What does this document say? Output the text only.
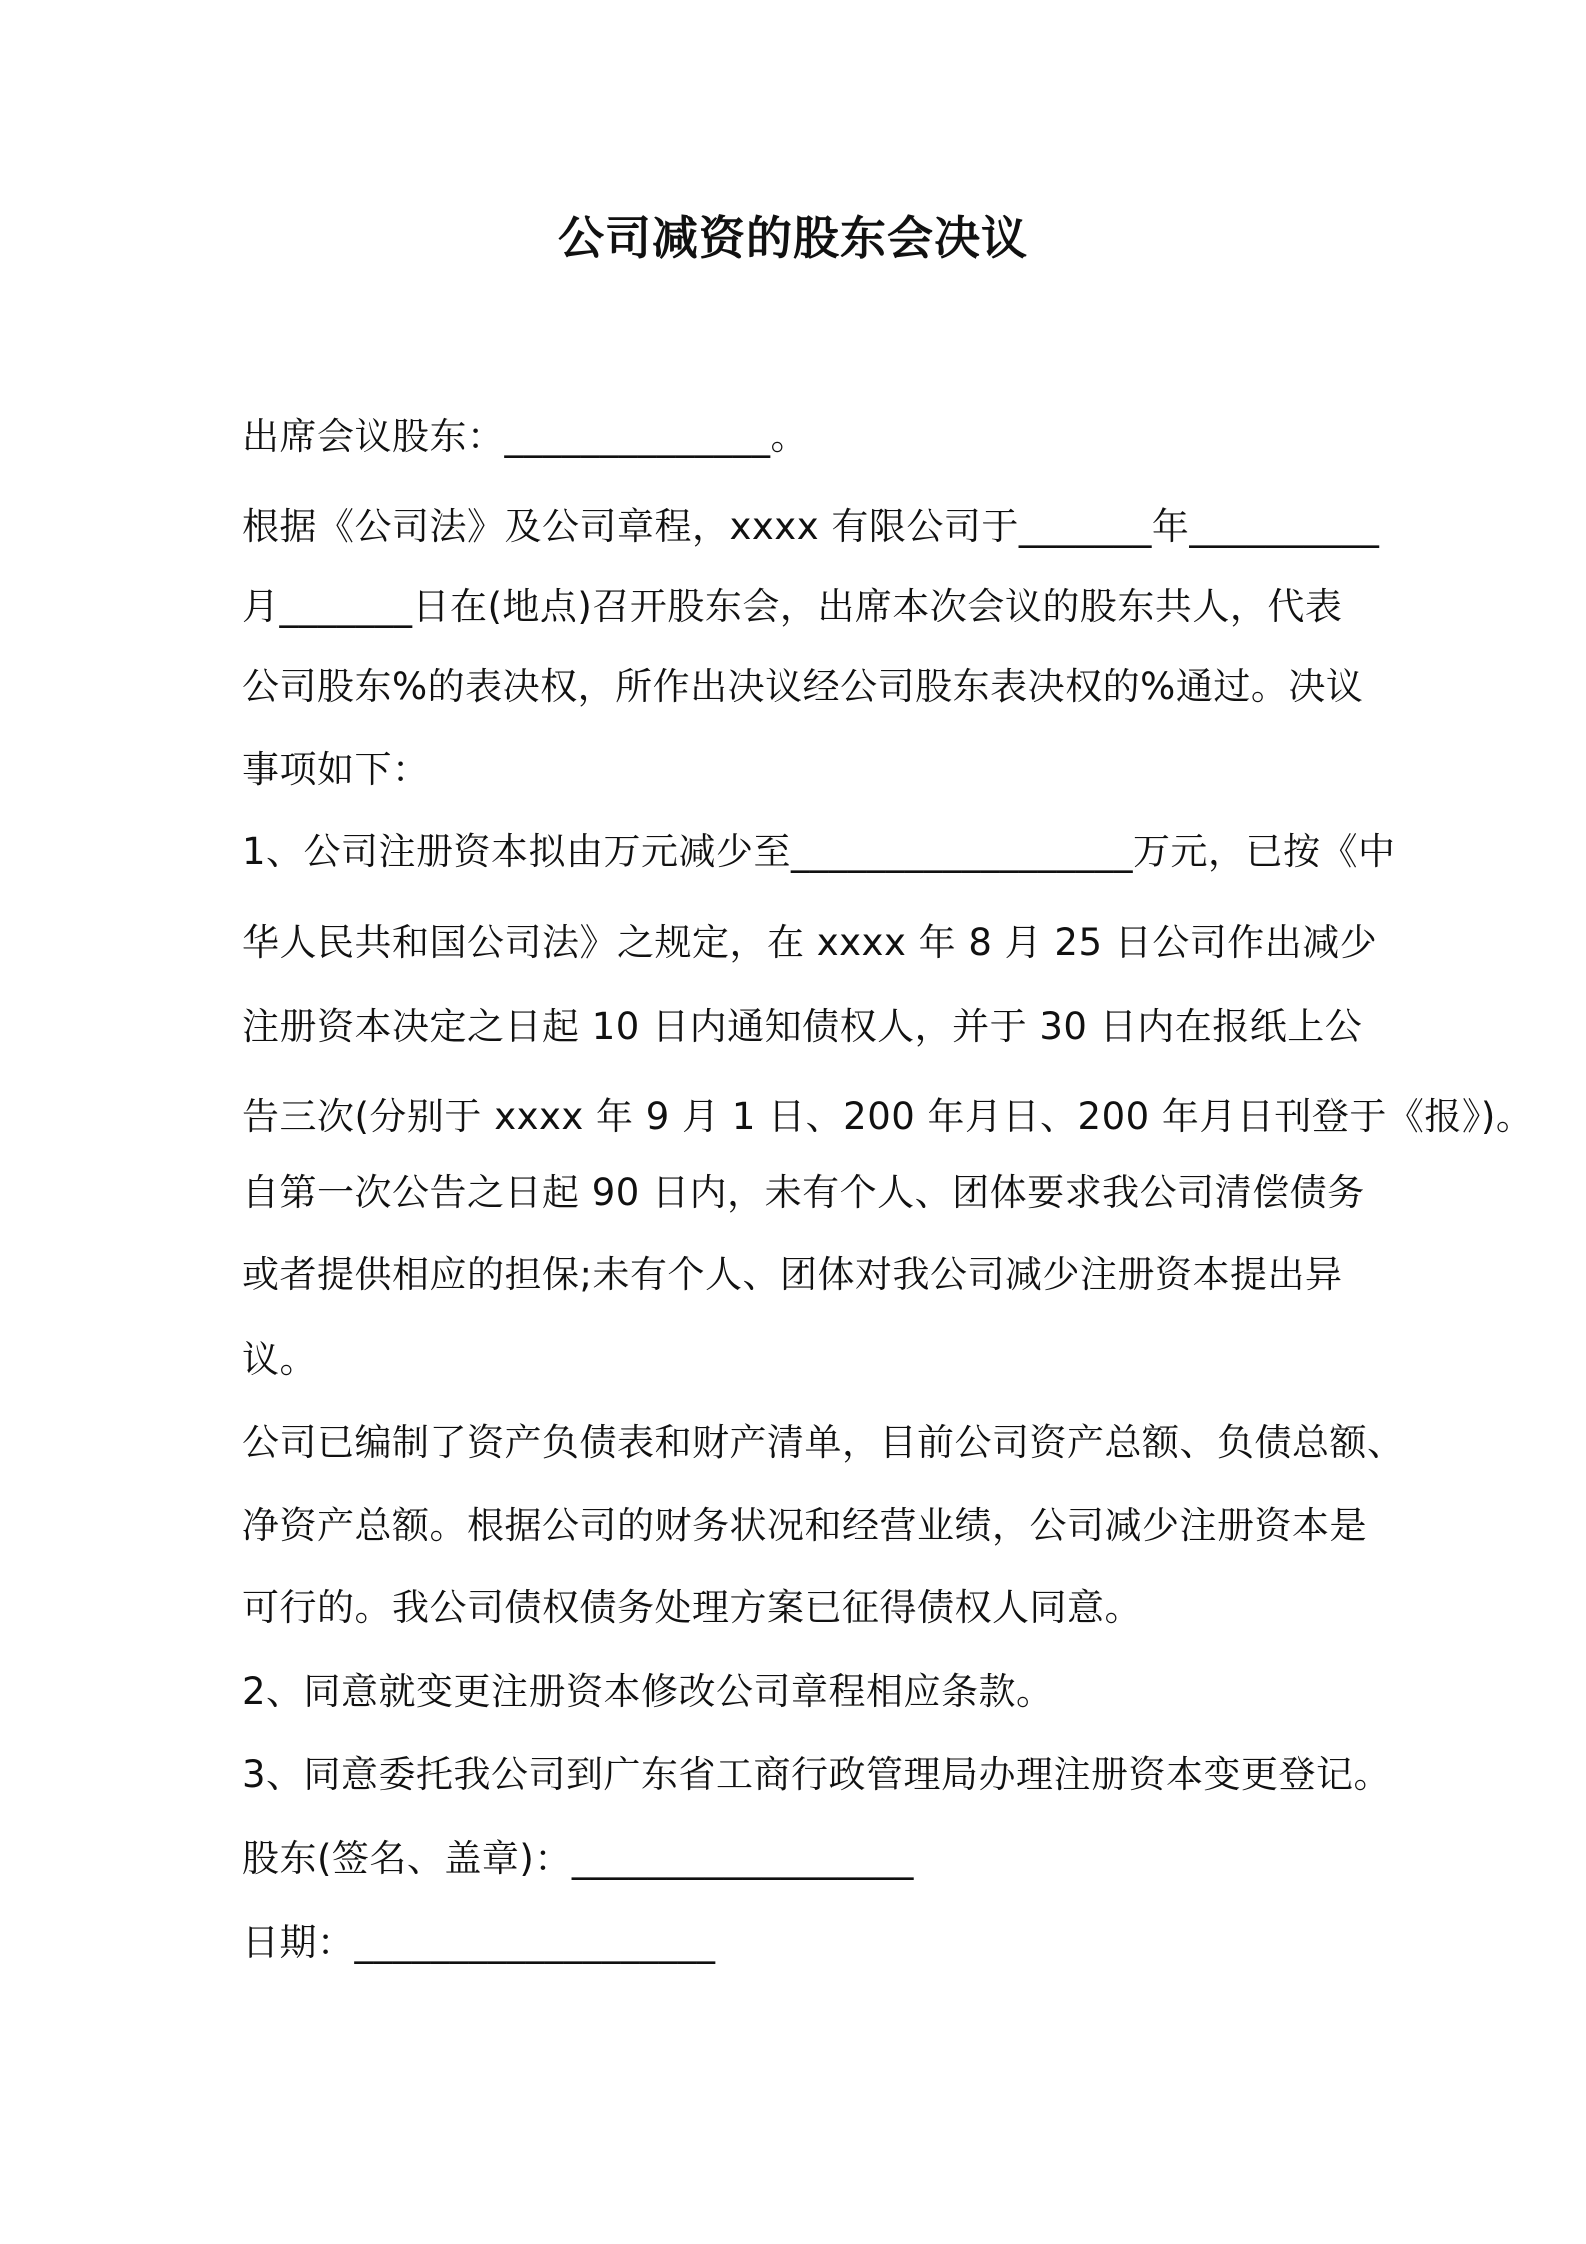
公司减资的股东会决议
出席会议股东：______________。
根据《公司法》及公司章程，xxxx 有限公司于_______年__________
月_______日在(地点)召开股东会，出席本次会议的股东共人，代表
公司股东%的表决权，所作出决议经公司股东表决权的%通过。决议
事项如下：
1、公司注册资本拟由万元减少至__________________万元，已按《中
华人民共和国公司法》之规定，在 xxxx 年 8 月 25 日公司作出减少
注册资本决定之日起 10 日内通知债权人，并于 30 日内在报纸上公
告三次(分别于 xxxx 年 9 月 1 日、200 年月日、200 年月日刊登于《报》)。
自第一次公告之日起 90 日内，未有个人、团体要求我公司清偿债务
或者提供相应的担保;未有个人、团体对我公司减少注册资本提出异
议。
公司已编制了资产负债表和财产清单，目前公司资产总额、负债总额、
净资产总额。根据公司的财务状况和经营业绩，公司减少注册资本是
可行的。我公司债权债务处理方案已征得债权人同意。
2、同意就变更注册资本修改公司章程相应条款。
3、同意委托我公司到广东省工商行政管理局办理注册资本变更登记。
股东(签名、盖章)：__________________
日期：___________________
